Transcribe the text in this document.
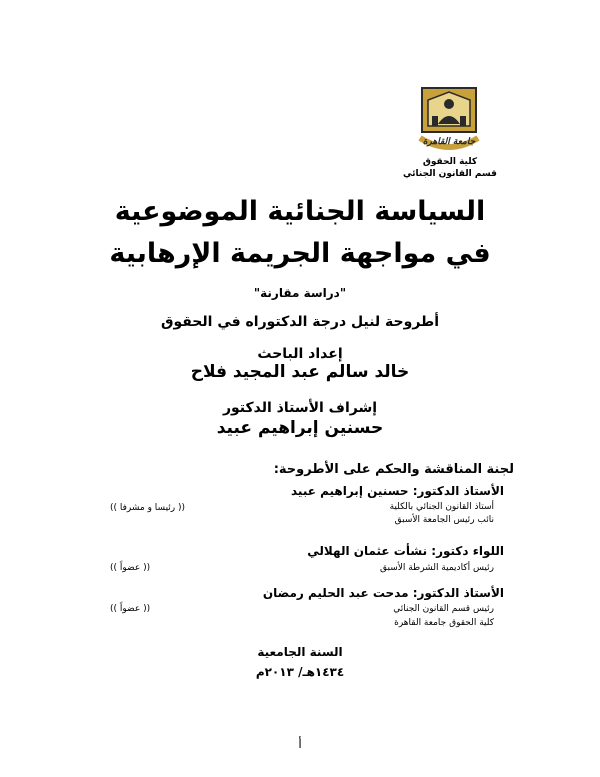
جامعة القاهرة
كلية الحقوق
قسم القانون الجنائي
السياسة الجنائية الموضوعية
في مواجهة الجريمة الإرهابية
"دراسة مقارنة"
أطروحة لنيل درجة الدكتوراه في الحقوق
إعداد الباحث
خالد سالم عبد المجيد فلاح
إشراف الأستاذ الدكتور
حسنين إبراهيم عبيد
لجنة المناقشة والحكم على الأطروحة:
الأستاذ الدكتور: حسنين إبراهيم عبيد
أستاذ القانون الجنائي بالكلية
نائب رئيس الجامعة الأسبق
(( رئيسا و مشرفا ))
اللواء دكتور: نشأت عثمان الهلالي
رئيس أكاديمية الشرطة الأسبق
(( عضواً ))
الأستاذ الدكتور: مدحت عبد الحليم رمضان
رئيس قسم القانون الجنائي
كلية الحقوق جامعة القاهرة
(( عضواً ))
السنة الجامعية
١٤٣٤هـ/ ٢٠١٣م
أ
